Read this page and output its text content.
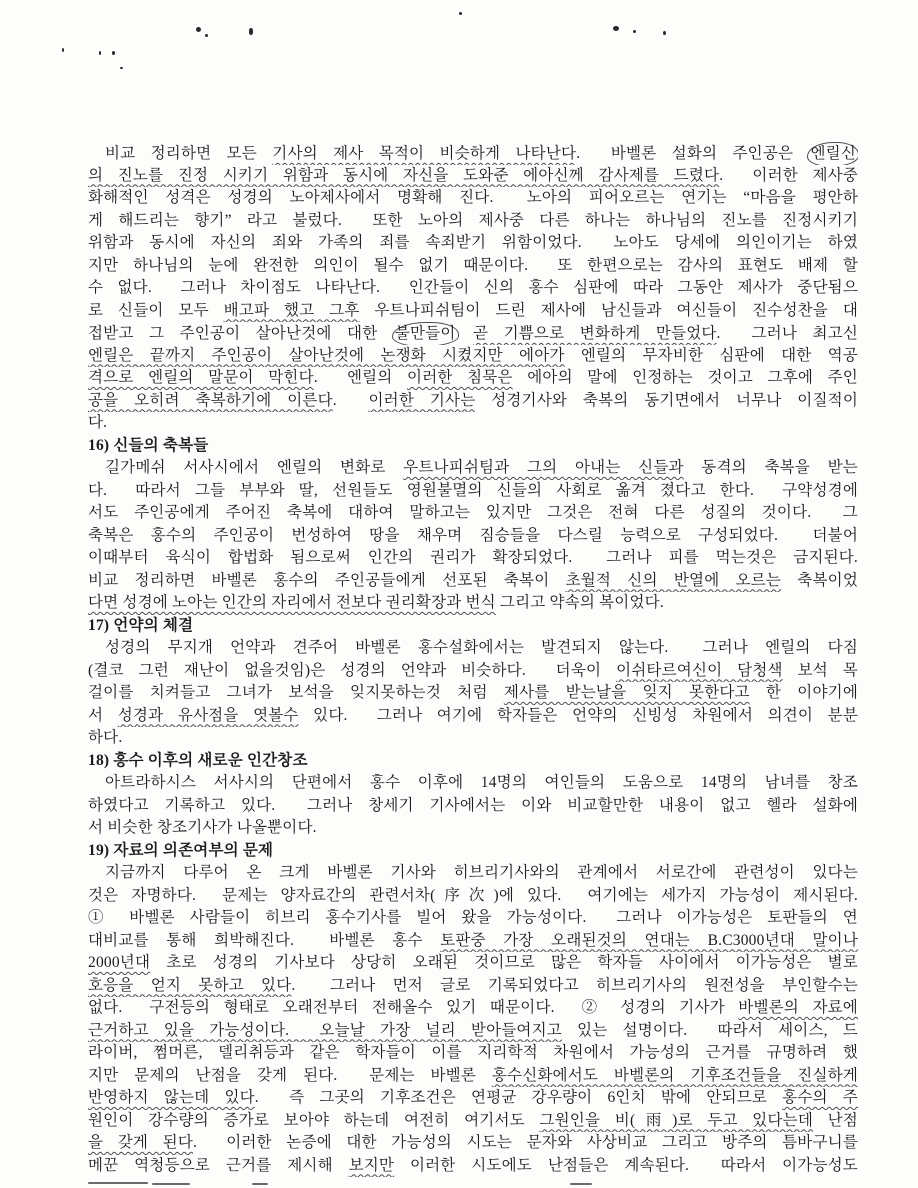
비교 정리하면 모든 기사의 제사 목적이 비슷하게 나타난다.  바벨론 설화의 주인공은 엔릴신
의 진노를 진정 시키기 위함과 동시에 자신을 도와준 에아신께 감사제를 드렸다.  이러한 제사중
화해적인 성격은 성경의 노아제사에서 명확해 진다.  노아의 피어오르는 연기는 “마음을 평안하
게 해드리는 향기” 라고 불렀다.  또한 노아의 제사중 다른 하나는 하나님의 진노를 진정시키기
위함과 동시에 자신의 죄와 가족의 죄를 속죄받기 위함이었다.  노아도 당세에 의인이기는 하였
지만 하나님의 눈에 완전한 의인이 될수 없기 때문이다.  또 한편으로는 감사의 표현도 배제 할
수 없다.  그러나 차이점도 나타난다.  인간들이 신의 홍수 심판에 따라 그동안 제사가 중단됨으
로 신들이 모두 배고파 했고 그후 우트나피쉬팀이 드린 제사에 남신들과 여신들이 진수성찬을 대
접받고 그 주인공이 살아난것에 대한 불만들이 곧 기쁨으로 변화하게 만들었다.  그러나 최고신
엔릴은 끝까지 주인공이 살아난것에 논쟁화 시켰지만 에아가 엔릴의 무자비한 심판에 대한 역공
격으로 엔릴의 말문이 막힌다.  엔릴의 이러한 침묵은 에아의 말에 인정하는 것이고 그후에 주인
공을 오히려 축복하기에 이른다.  이러한 기사는 성경기사와 축복의 동기면에서 너무나 이질적이
다.
16) 신들의 축복들
길가메쉬 서사시에서 엔릴의 변화로 우트나피쉬팀과 그의 아내는 신들과 동격의 축복을 받는
다.  따라서 그들 부부와 딸, 선원들도 영원불멸의 신들의 사회로 옮겨 졌다고 한다.  구약성경에
서도 주인공에게 주어진 축복에 대하여 말하고는 있지만 그것은 전혀 다른 성질의 것이다.  그
축복은 홍수의 주인공이 번성하여 땅을 채우며 짐승들을 다스릴 능력으로 구성되었다.  더불어
이때부터 육식이 합법화 됨으로써 인간의 권리가 확장되었다.  그러나 피를 먹는것은 금지된다.
비교 정리하면 바벨론 홍수의 주인공들에게 선포된 축복이 초월적 신의 반열에 오르는 축복이었
다면 성경에 노아는 인간의 자리에서 전보다 권리확장과 번식 그리고 약속의 복이었다.
17) 언약의 체결
성경의 무지개 언약과 견주어 바벨론 홍수설화에서는 발견되지 않는다.  그러나 엔릴의 다짐
(결코 그런 재난이 없을것임)은 성경의 언약과 비슷하다.  더욱이 이쉬타르여신이 담청색 보석 목
걸이를 치켜들고 그녀가 보석을 잊지못하는것 처럼 제사를 받는날을 잊지 못한다고 한 이야기에
서 성경과 유사점을 엿볼수 있다.  그러나 여기에 학자들은 언약의 신빙성 차원에서 의견이 분분
하다.
18) 홍수 이후의 새로운 인간창조
아트라하시스 서사시의 단편에서 홍수 이후에 14명의 여인들의 도움으로 14명의 남녀를 창조
하였다고 기록하고 있다.  그러나 창세기 기사에서는 이와 비교할만한 내용이 없고 헬라 설화에
서 비슷한 창조기사가 나올뿐이다.
19) 자료의 의존여부의 문제
지금까지 다루어 온 크게 바벨론 기사와 히브리기사와의 관계에서 서로간에 관련성이 있다는
것은 자명하다.  문제는 양자료간의 관련서차(序次)에 있다.  여기에는 세가지 가능성이 제시된다.
① 바벨론 사람들이 히브리 홍수기사를 빌어 왔을 가능성이다.  그러나 이가능성은 토판들의 연
대비교를 통해 희박해진다.  바벨론 홍수 토판중 가장 오래된것의 연대는 B.C3000년대 말이나
2000년대 초로 성경의 기사보다 상당히 오래된 것이므로 많은 학자들 사이에서 이가능성은 별로
호응을 얻지 못하고 있다.  그러나 먼저 글로 기록되었다고 히브리기사의 원전성을 부인할수는
없다.  구전등의 형태로 오래전부터 전해올수 있기 때문이다.  ② 성경의 기사가 바벨론의 자료에
근거하고 있을 가능성이다.  오늘날 가장 널리 받아들여지고 있는 설명이다.  따라서 세이스, 드
라이버, 쩜머른, 델리취등과 같은 학자들이 이를 지리학적 차원에서 가능성의 근거를 규명하려 했
지만 문제의 난점을 갖게 된다.  문제는 바벨론 홍수신화에서도 바벨론의 기후조건들을 진실하게
반영하지 않는데 있다.  즉 그곳의 기후조건은 연평균 강우량이 6인치 밖에 안되므로 홍수의 주
원인이 강수량의 증가로 보아야 하는데 여전히 여기서도 그원인을 비(雨)로 두고 있다는데 난점
을 갖게 된다.  이러한 논증에 대한 가능성의 시도는 문자와 사상비교 그리고 방주의 틈바구니를
메꾼 역청등으로 근거를 제시해 보지만 이러한 시도에도 난점들은 계속된다.  따라서 이가능성도
